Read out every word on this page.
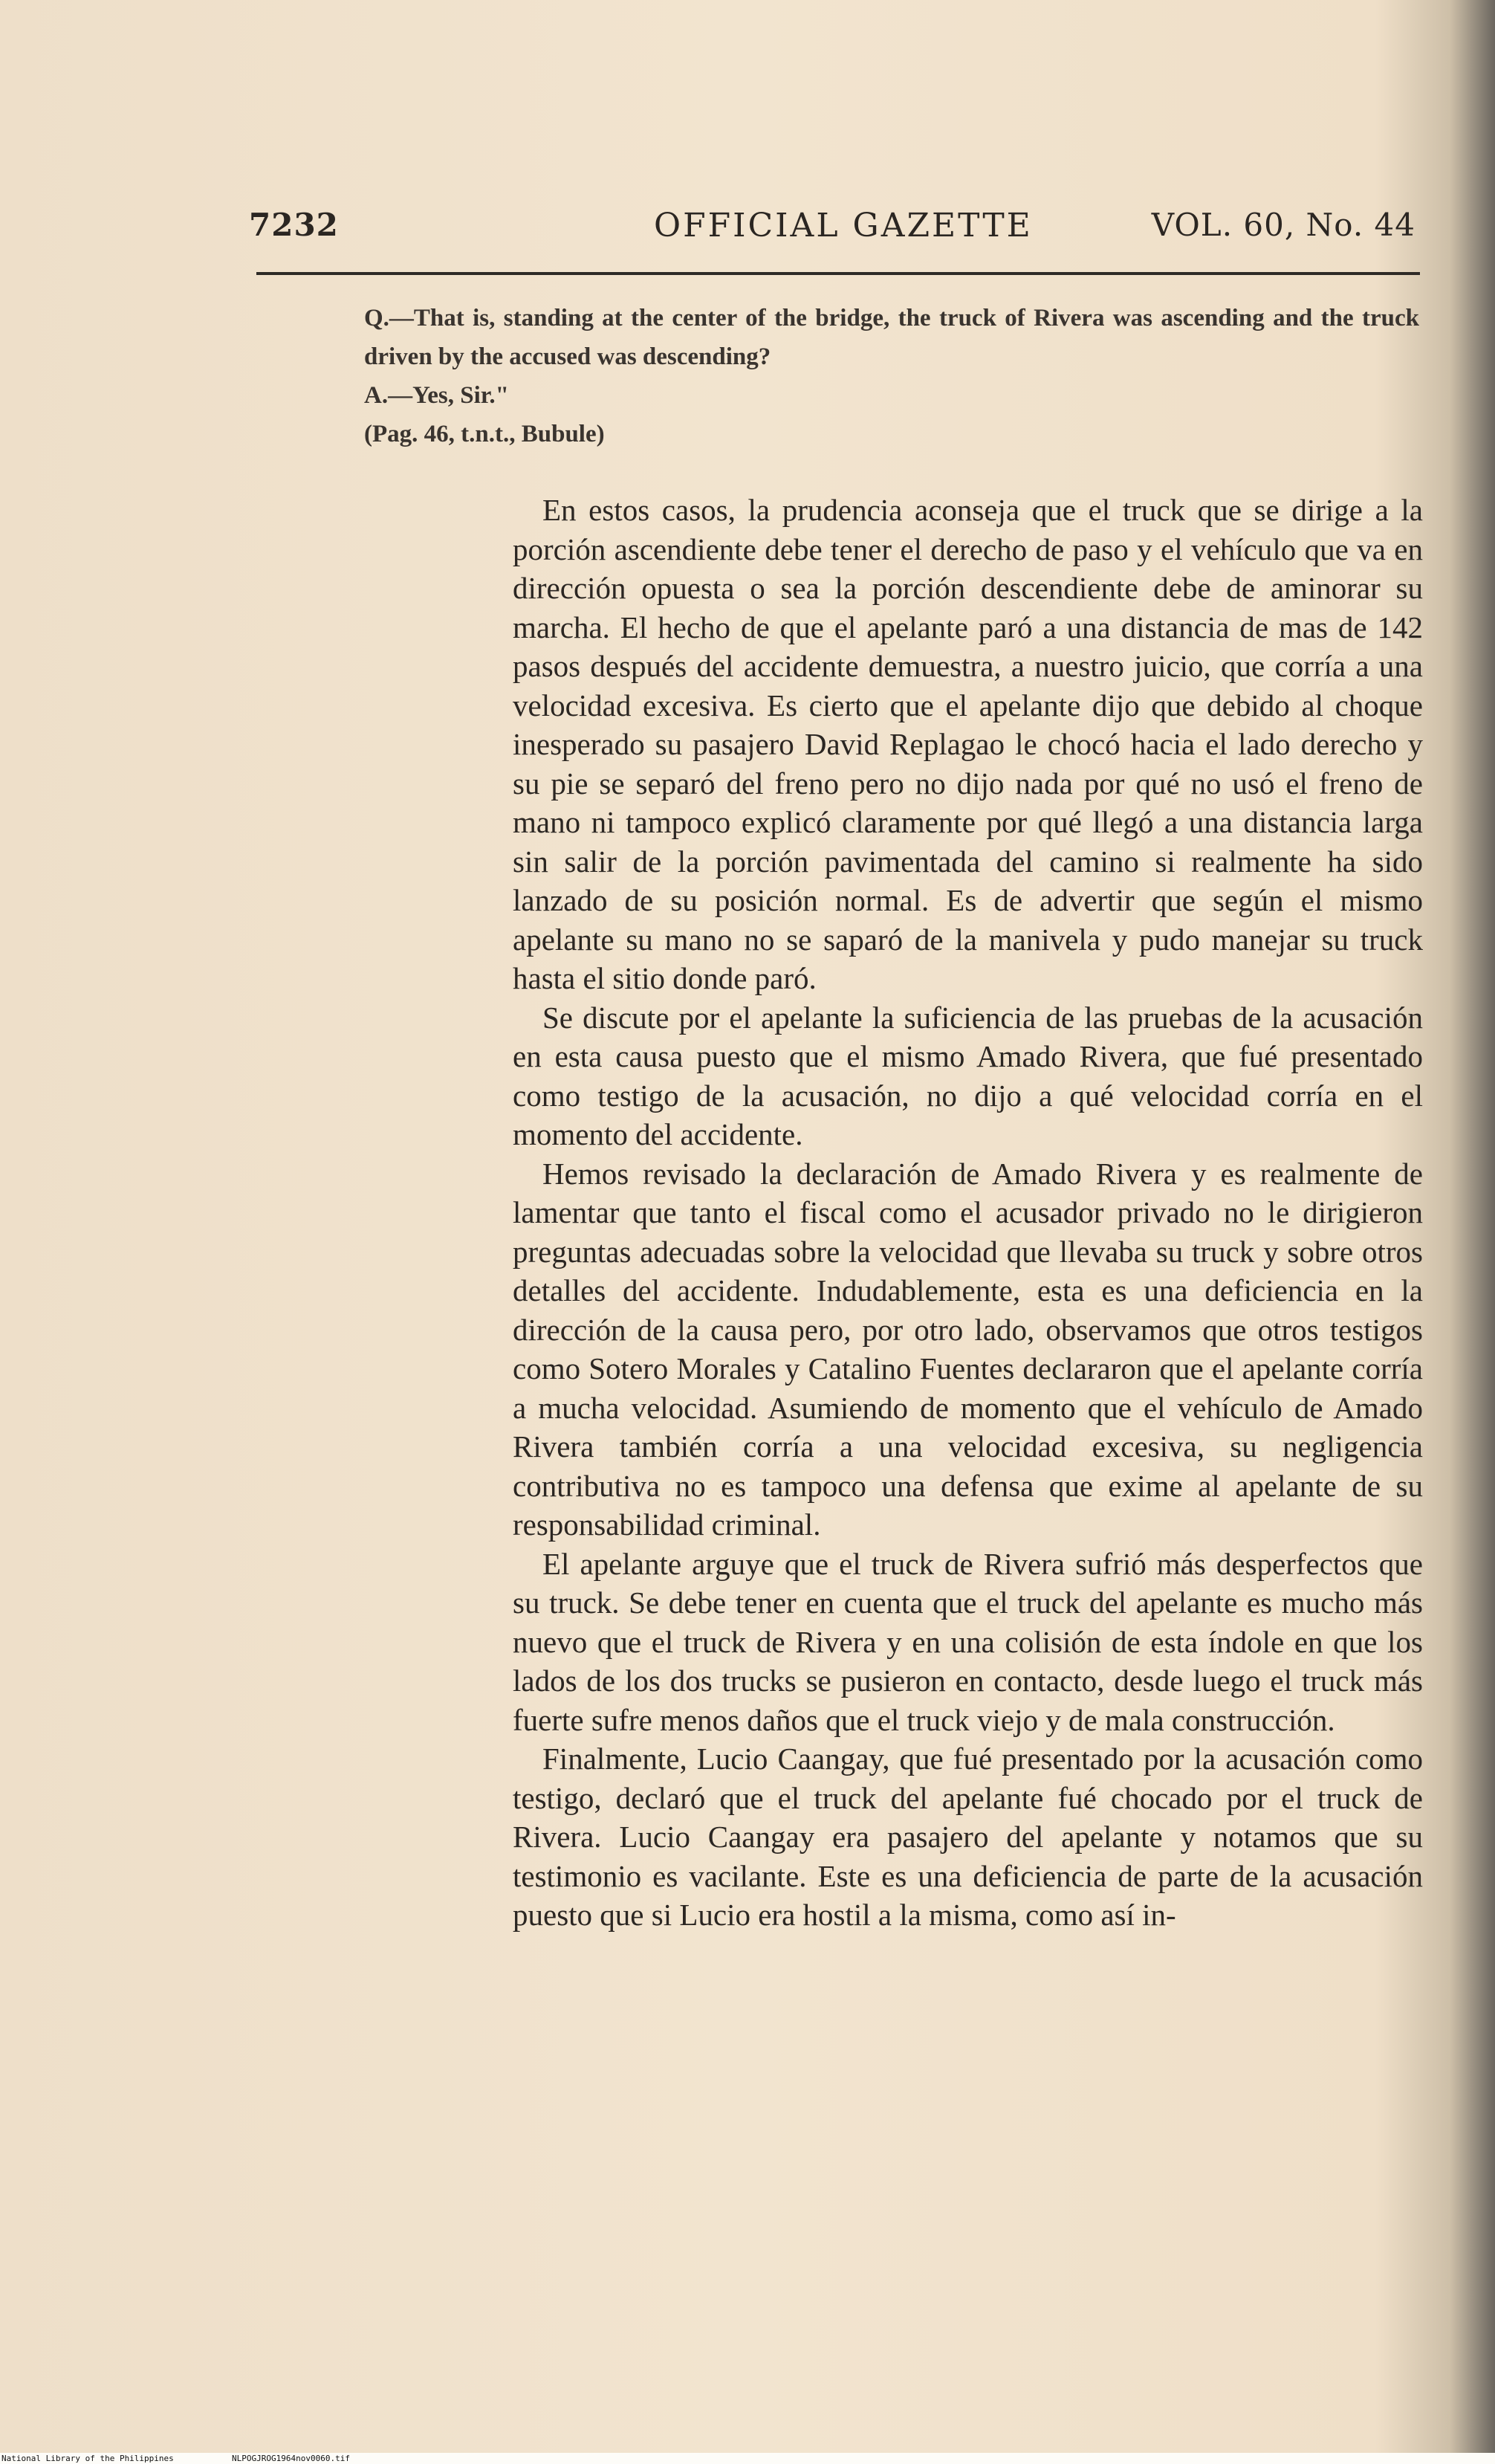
7232	OFFICIAL GAZETTE	VOL. 60, No. 44

Q.—That is, standing at the center of the bridge, the truck of Rivera was ascending and the truck driven by the accused was descending?

A.—Yes, Sir."

(Pag. 46, t.n.t., Bubule)

En estos casos, la prudencia aconseja que el truck que se dirige a la porción ascendiente debe tener el derecho de paso y el vehículo que va en dirección opuesta o sea la porción descendiente debe de aminorar su marcha. El hecho de que el apelante paró a una distancia de mas de 142 pasos después del accidente demuestra, a nuestro juicio, que corría a una velocidad excesiva. Es cierto que el apelante dijo que debido al choque inesperado su pasajero David Replagao le chocó hacia el lado derecho y su pie se separó del freno pero no dijo nada por qué no usó el freno de mano ni tampoco explicó claramente por qué llegó a una distancia larga sin salir de la porción pavimentada del camino si realmente ha sido lanzado de su posición normal. Es de advertir que según el mismo apelante su mano no se saparó de la manivela y pudo manejar su truck hasta el sitio donde paró.

Se discute por el apelante la suficiencia de las pruebas de la acusación en esta causa puesto que el mismo Amado Rivera, que fué presentado como testigo de la acusación, no dijo a qué velocidad corría en el momento del accidente.

Hemos revisado la declaración de Amado Rivera y es realmente de lamentar que tanto el fiscal como el acusador privado no le dirigieron preguntas adecuadas sobre la velocidad que llevaba su truck y sobre otros detalles del accidente. Indudablemente, esta es una deficiencia en la dirección de la causa pero, por otro lado, observamos que otros testigos como Sotero Morales y Catalino Fuentes declararon que el apelante corría a mucha velocidad. Asumiendo de momento que el vehículo de Amado Rivera también corría a una velocidad excesiva, su negligencia contributiva no es tampoco una defensa que exime al apelante de su responsabilidad criminal.

El apelante arguye que el truck de Rivera sufrió más desperfectos que su truck. Se debe tener en cuenta que el truck del apelante es mucho más nuevo que el truck de Rivera y en una colisión de esta índole en que los lados de los dos trucks se pusieron en contacto, desde luego el truck más fuerte sufre menos daños que el truck viejo y de mala construcción.

Finalmente, Lucio Caangay, que fué presentado por la acusación como testigo, declaró que el truck del apelante fué chocado por el truck de Rivera. Lucio Caangay era pasajero del apelante y notamos que su testimonio es vacilante. Este es una deficiencia de parte de la acusación puesto que si Lucio era hostil a la misma, como así in-

National Library of the Philippines	NLPOGJROG1964nov0060.tif
